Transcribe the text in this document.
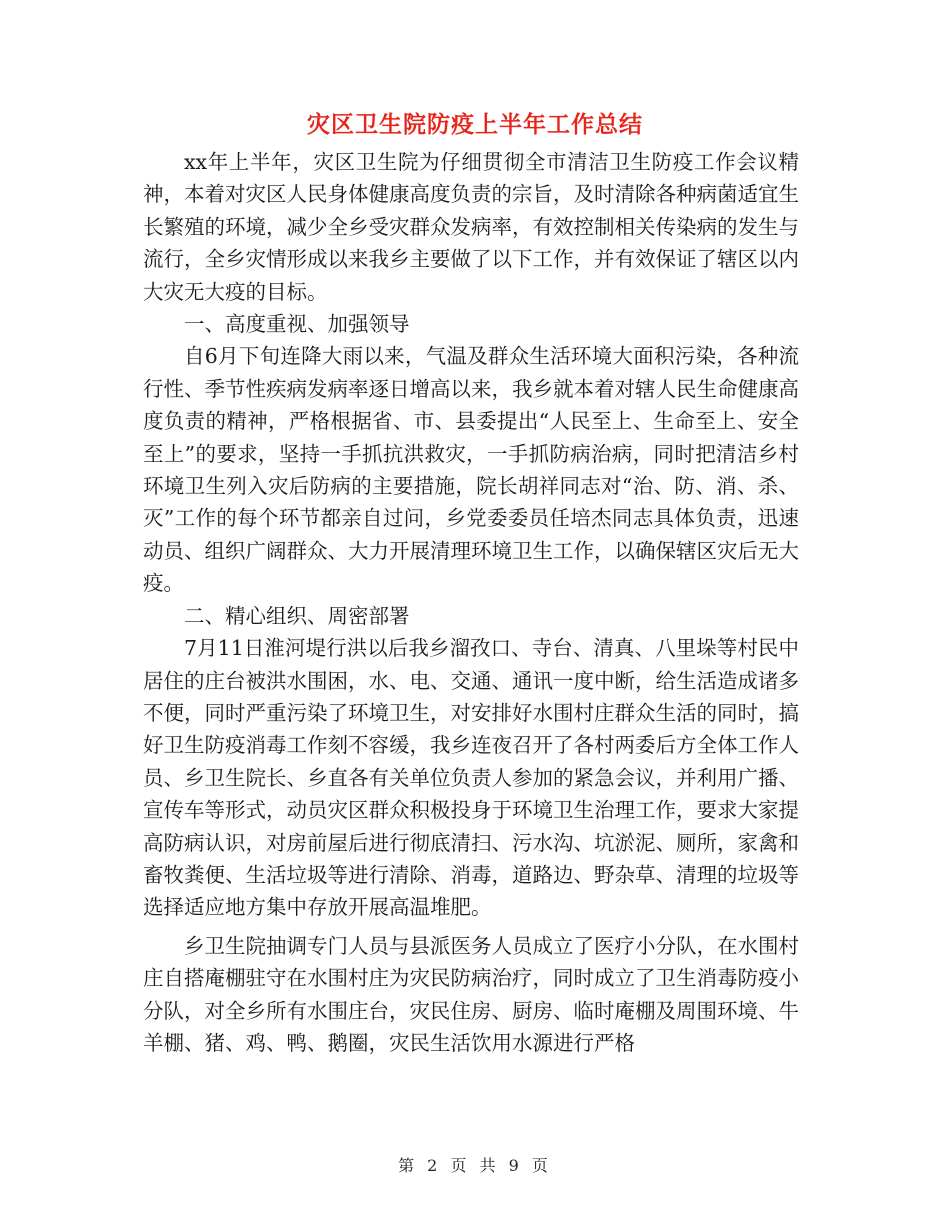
灾区卫生院防疫上半年工作总结

xx年上半年，灾区卫生院为仔细贯彻全市清洁卫生防疫工作会议精神，本着对灾区人民身体健康高度负责的宗旨，及时清除各种病菌适宜生长繁殖的环境，减少全乡受灾群众发病率，有效控制相关传染病的发生与流行，全乡灾情形成以来我乡主要做了以下工作，并有效保证了辖区以内大灾无大疫的目标。

一、高度重视、加强领导

自6月下旬连降大雨以来，气温及群众生活环境大面积污染，各种流行性、季节性疾病发病率逐日增高以来，我乡就本着对辖人民生命健康高度负责的精神，严格根据省、市、县委提出“人民至上、生命至上、安全至上”的要求，坚持一手抓抗洪救灾，一手抓防病治病，同时把清洁乡村环境卫生列入灾后防病的主要措施，院长胡祥同志对“治、防、消、杀、灭”工作的每个环节都亲自过问，乡党委委员任培杰同志具体负责，迅速动员、组织广阔群众、大力开展清理环境卫生工作，以确保辖区灾后无大疫。

二、精心组织、周密部署

7月11日淮河堤行洪以后我乡溜孜口、寺台、清真、八里垛等村民中居住的庄台被洪水围困，水、电、交通、通讯一度中断，给生活造成诸多不便，同时严重污染了环境卫生，对安排好水围村庄群众生活的同时，搞好卫生防疫消毒工作刻不容缓，我乡连夜召开了各村两委后方全体工作人员、乡卫生院长、乡直各有关单位负责人参加的紧急会议，并利用广播、宣传车等形式，动员灾区群众积极投身于环境卫生治理工作，要求大家提高防病认识，对房前屋后进行彻底清扫、污水沟、坑淤泥、厕所，家禽和畜牧粪便、生活垃圾等进行清除、消毒，道路边、野杂草、清理的垃圾等选择适应地方集中存放开展高温堆肥。

乡卫生院抽调专门人员与县派医务人员成立了医疗小分队，在水围村庄自搭庵棚驻守在水围村庄为灾民防病治疗，同时成立了卫生消毒防疫小分队，对全乡所有水围庄台，灾民住房、厨房、临时庵棚及周围环境、牛羊棚、猪、鸡、鸭、鹅圈，灾民生活饮用水源进行严格

第 2 页 共 9 页
